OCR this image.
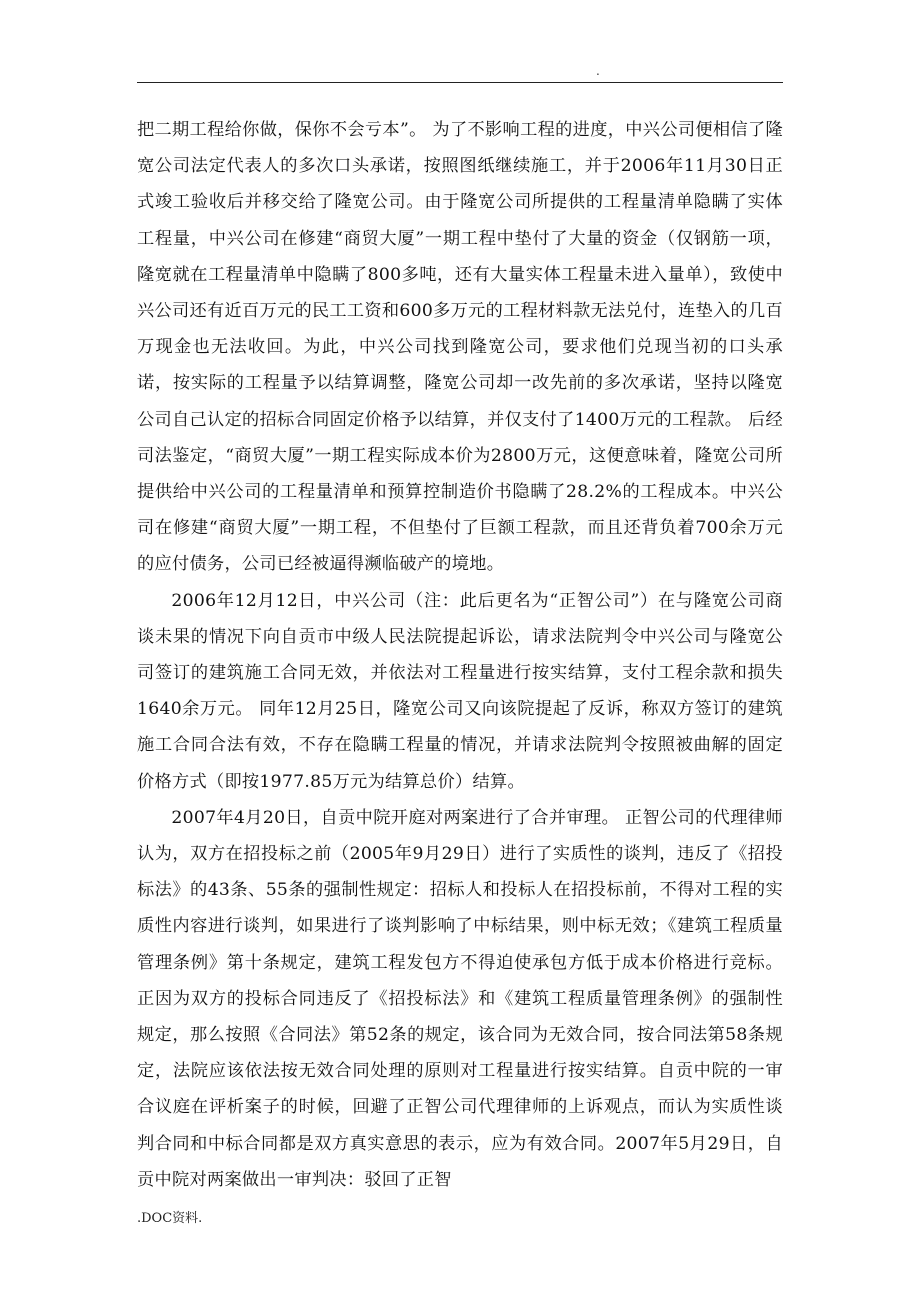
.

把二期工程给你做，保你不会亏本”。 为了不影响工程的进度，中兴公司便相信了隆宽公司法定代表人的多次口头承诺，按照图纸继续施工，并于2006年11月30日正式竣工验收后并移交给了隆宽公司。由于隆宽公司所提供的工程量清单隐瞒了实体工程量，中兴公司在修建“商贸大厦”一期工程中垫付了大量的资金（仅钢筋一项，隆宽就在工程量清单中隐瞒了800多吨，还有大量实体工程量未进入量单），致使中兴公司还有近百万元的民工工资和600多万元的工程材料款无法兑付，连垫入的几百万现金也无法收回。为此，中兴公司找到隆宽公司，要求他们兑现当初的口头承诺，按实际的工程量予以结算调整，隆宽公司却一改先前的多次承诺，坚持以隆宽公司自己认定的招标合同固定价格予以结算，并仅支付了1400万元的工程款。 后经司法鉴定，“商贸大厦”一期工程实际成本价为2800万元，这便意味着，隆宽公司所提供给中兴公司的工程量清单和预算控制造价书隐瞒了28.2%的工程成本。中兴公司在修建“商贸大厦”一期工程，不但垫付了巨额工程款，而且还背负着700余万元的应付债务，公司已经被逼得濒临破产的境地。

2006年12月12日，中兴公司（注：此后更名为“正智公司”）在与隆宽公司商谈未果的情况下向自贡市中级人民法院提起诉讼，请求法院判令中兴公司与隆宽公司签订的建筑施工合同无效，并依法对工程量进行按实结算，支付工程余款和损失1640余万元。 同年12月25日，隆宽公司又向该院提起了反诉，称双方签订的建筑施工合同合法有效，不存在隐瞒工程量的情况，并请求法院判令按照被曲解的固定价格方式（即按1977.85万元为结算总价）结算。

2007年4月20日，自贡中院开庭对两案进行了合并审理。 正智公司的代理律师认为，双方在招投标之前（2005年9月29日）进行了实质性的谈判，违反了《招投标法》的43条、55条的强制性规定：招标人和投标人在招投标前，不得对工程的实质性内容进行谈判，如果进行了谈判影响了中标结果，则中标无效；《建筑工程质量管理条例》第十条规定，建筑工程发包方不得迫使承包方低于成本价格进行竞标。正因为双方的投标合同违反了《招投标法》和《建筑工程质量管理条例》的强制性规定，那么按照《合同法》第52条的规定，该合同为无效合同，按合同法第58条规定，法院应该依法按无效合同处理的原则对工程量进行按实结算。自贡中院的一审合议庭在评析案子的时候，回避了正智公司代理律师的上诉观点，而认为实质性谈判合同和中标合同都是双方真实意思的表示，应为有效合同。2007年5月29日，自贡中院对两案做出一审判决：驳回了正智

.DOC资料.
